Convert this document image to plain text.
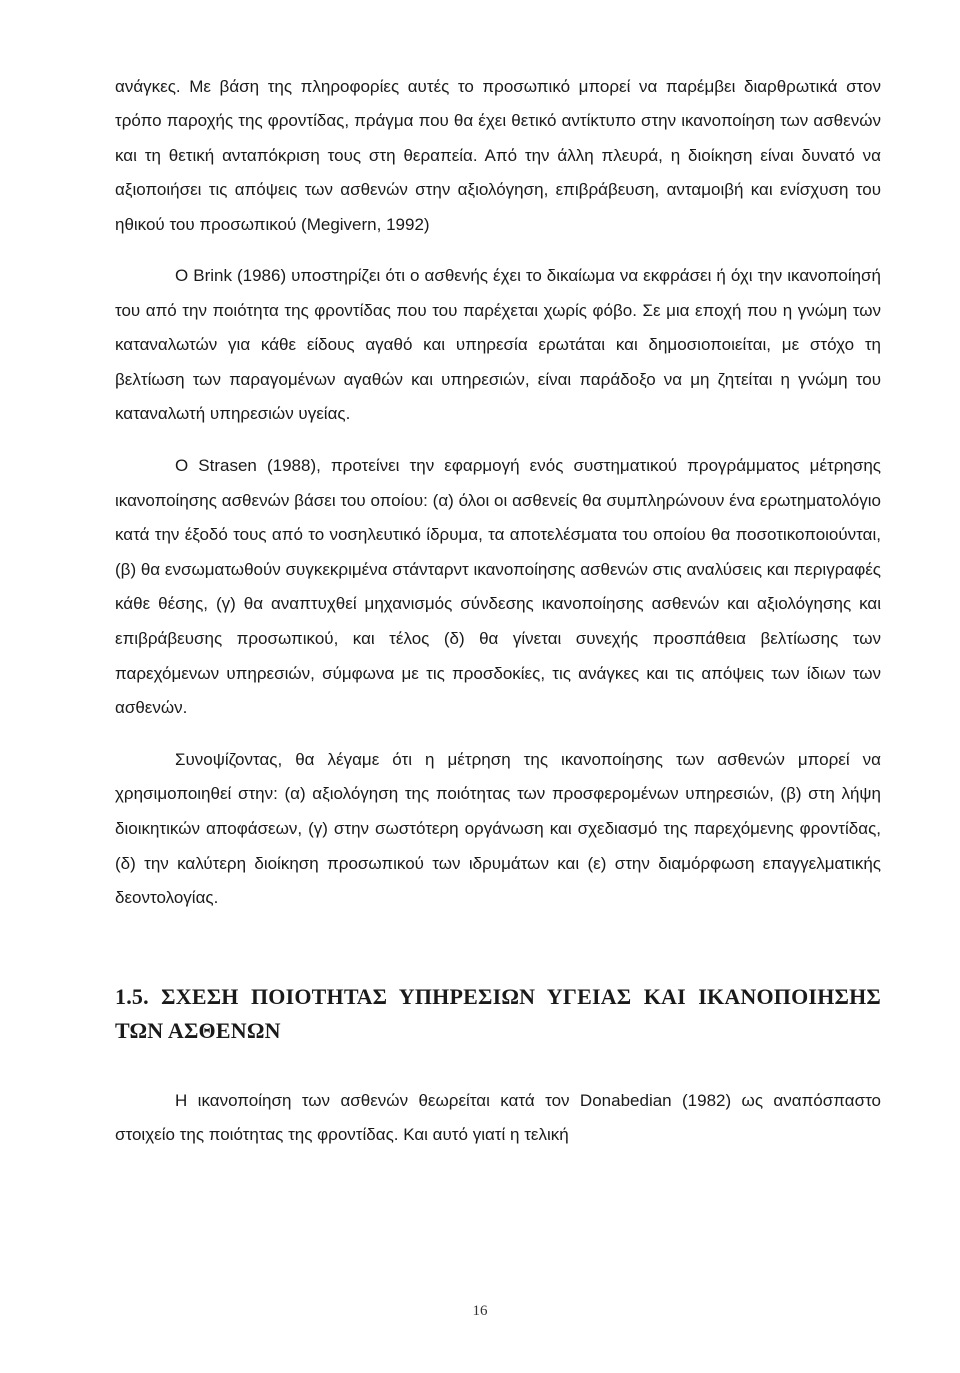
ανάγκες. Με βάση της πληροφορίες αυτές το προσωπικό μπορεί να παρέμβει διαρθρωτικά στον τρόπο παροχής της φροντίδας, πράγμα που θα έχει θετικό αντίκτυπο στην ικανοποίηση των ασθενών και τη θετική ανταπόκριση τους στη θεραπεία. Από την άλλη πλευρά, η διοίκηση είναι δυνατό να αξιοποιήσει τις απόψεις των ασθενών στην αξιολόγηση, επιβράβευση, ανταμοιβή και ενίσχυση του ηθικού του προσωπικού (Megivern, 1992)

Ο Brink (1986) υποστηρίζει ότι ο ασθενής έχει το δικαίωμα να εκφράσει ή όχι την ικανοποίησή του από την ποιότητα της φροντίδας που του παρέχεται χωρίς φόβο. Σε μια εποχή που η γνώμη των καταναλωτών για κάθε είδους αγαθό και υπηρεσία ερωτάται και δημοσιοποιείται, με στόχο τη βελτίωση των παραγομένων αγαθών και υπηρεσιών, είναι παράδοξο να μη ζητείται η γνώμη του καταναλωτή υπηρεσιών υγείας.

Ο Strasen (1988), προτείνει την εφαρμογή ενός συστηματικού προγράμματος μέτρησης ικανοποίησης ασθενών βάσει του οποίου: (α) όλοι οι ασθενείς θα συμπληρώνουν ένα ερωτηματολόγιο κατά την έξοδό τους από το νοσηλευτικό ίδρυμα, τα αποτελέσματα του οποίου θα ποσοτικοποιούνται, (β) θα ενσωματωθούν συγκεκριμένα στάνταρντ ικανοποίησης ασθενών στις αναλύσεις και περιγραφές κάθε θέσης, (γ) θα αναπτυχθεί μηχανισμός σύνδεσης ικανοποίησης ασθενών και αξιολόγησης και επιβράβευσης προσωπικού, και τέλος (δ) θα γίνεται συνεχής προσπάθεια βελτίωσης των παρεχόμενων υπηρεσιών, σύμφωνα με τις προσδοκίες, τις ανάγκες και τις απόψεις των ίδιων των ασθενών.

Συνοψίζοντας, θα λέγαμε ότι η μέτρηση της ικανοποίησης των ασθενών μπορεί να χρησιμοποιηθεί στην: (α) αξιολόγηση της ποιότητας των προσφερομένων υπηρεσιών, (β) στη λήψη διοικητικών αποφάσεων, (γ) στην σωστότερη οργάνωση και σχεδιασμό της παρεχόμενης φροντίδας, (δ) την καλύτερη διοίκηση προσωπικού των ιδρυμάτων και (ε) στην διαμόρφωση επαγγελματικής δεοντολογίας.

1.5. ΣΧΕΣΗ ΠΟΙΟΤΗΤΑΣ ΥΠΗΡΕΣΙΩΝ ΥΓΕΙΑΣ ΚΑΙ ΙΚΑΝΟΠΟΙΗΣΗΣ ΤΩΝ ΑΣΘΕΝΩΝ

Η ικανοποίηση των ασθενών θεωρείται κατά τον Donabedian (1982) ως αναπόσπαστο στοιχείο της ποιότητας της φροντίδας. Και αυτό γιατί η τελική

16
